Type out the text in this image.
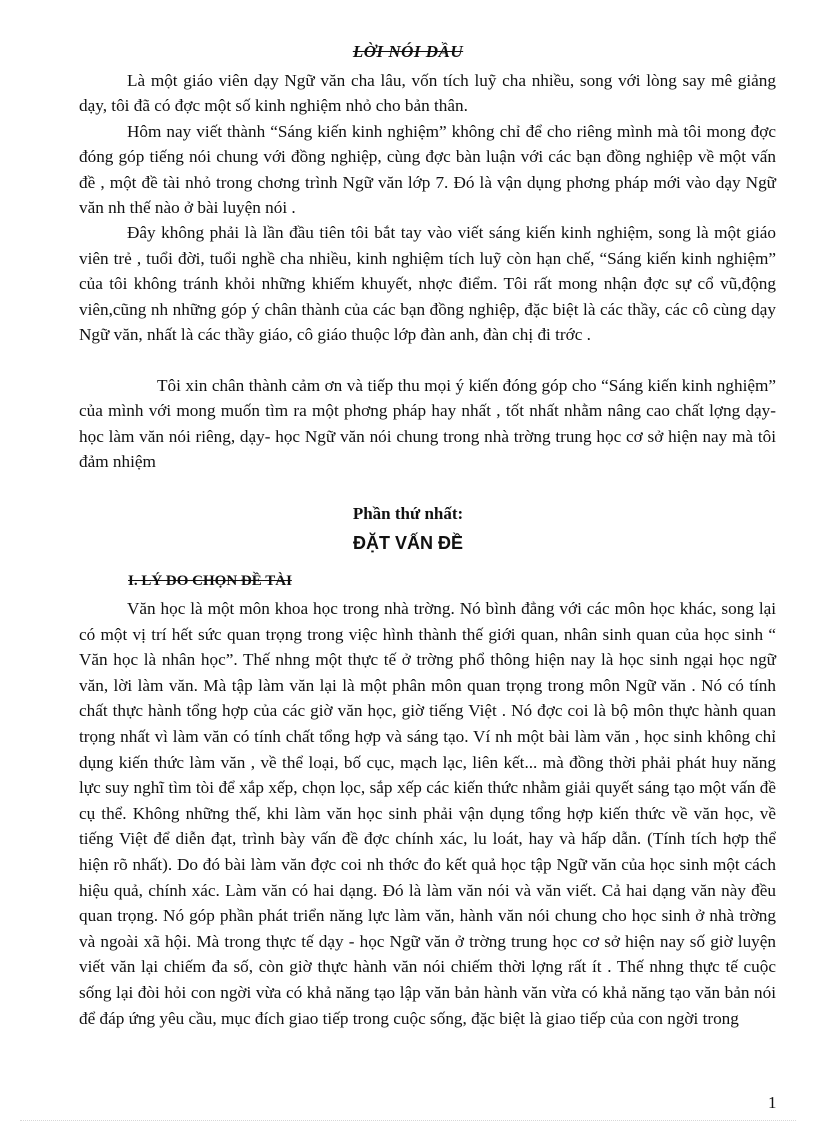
LỜI NÓI ĐẦU

Là một giáo viên dạy Ngữ văn cha lâu, vốn tích luỹ cha nhiều, song với lòng say mê giảng dạy, tôi đã có đợc một số kinh nghiệm nhỏ cho bản thân.

Hôm nay viết thành “Sáng kiến kinh nghiệm” không chỉ để cho riêng mình mà tôi mong đợc đóng góp tiếng nói chung với đồng nghiệp, cùng đợc bàn luận với các bạn đồng nghiệp về một vấn đề , một đề tài nhỏ trong chơng trình Ngữ văn lớp 7. Đó là vận dụng phơng pháp mới vào dạy Ngữ văn nh thế nào ở bài luyện nói .

Đây không phải là lần đầu tiên tôi bắt tay vào viết sáng kiến kinh nghiệm, song là một giáo viên trẻ , tuổi đời, tuổi nghề cha nhiều, kinh nghiệm tích luỹ còn hạn chế, “Sáng kiến kinh nghiệm” của tôi không tránh khỏi những khiếm khuyết, nhợc điểm. Tôi rất mong nhận đợc sự cổ vũ,động viên,cũng nh những góp ý chân thành của các bạn đồng nghiệp, đặc biệt là các thầy, các cô cùng dạy Ngữ văn, nhất là các thầy giáo, cô giáo thuộc lớp đàn anh, đàn chị đi trớc .

Tôi xin chân thành cảm ơn và tiếp thu mọi ý kiến đóng góp cho “Sáng kiến kinh nghiệm” của mình với mong muốn tìm ra một phơng pháp hay nhất , tốt nhất nhằm nâng cao chất lợng dạy- học làm văn nói riêng, dạy- học Ngữ văn nói chung trong nhà trờng trung học cơ sở hiện nay mà tôi đảm nhiệm

Phần thứ nhất:
ĐẶT VẤN ĐỀ
I. LÝ DO CHỌN ĐỀ TÀI

Văn học là một môn khoa học trong nhà trờng. Nó bình đẳng với các môn học khác, song lại có một vị trí hết sức quan trọng trong việc hình thành thế giới quan, nhân sinh quan của học sinh “ Văn học là nhân học”. Thế nhng một thực tế ở trờng phổ thông hiện nay là học sinh ngại học ngữ văn, lời làm văn. Mà tập làm văn lại là một phân môn quan trọng trong môn Ngữ văn . Nó có tính chất thực hành tổng hợp của các giờ văn học, giờ tiếng Việt . Nó đợc coi là bộ môn thực hành quan trọng nhất vì làm văn có tính chất tổng hợp và sáng tạo. Ví nh một bài làm văn , học sinh không chỉ dụng kiến thức làm văn , về thể loại, bố cục, mạch lạc, liên kết... mà đồng thời phải phát huy năng lực suy nghĩ tìm tòi để xắp xếp, chọn lọc, sắp xếp các kiến thức nhằm giải quyết sáng tạo một vấn đề cụ thể. Không những thế, khi làm văn học sinh phải vận dụng tổng hợp kiến thức về văn học, về tiếng Việt để diễn đạt, trình bày vấn đề đợc chính xác, lu loát, hay và hấp dẫn. (Tính tích hợp thể hiện rõ nhất). Do đó bài làm văn đợc coi nh thớc đo kết quả học tập Ngữ văn của học sinh một cách hiệu quả, chính xác. Làm văn có hai dạng. Đó là làm văn nói và văn viết. Cả hai dạng văn này đều quan trọng. Nó góp phần phát triển năng lực làm văn, hành văn nói chung cho học sinh ở nhà trờng và ngoài xã hội. Mà trong thực tế dạy - học Ngữ văn ở trờng trung học cơ sở hiện nay số giờ luyện viết văn lại chiếm đa số, còn giờ thực hành văn nói chiếm thời lợng rất ít . Thế nhng thực tế cuộc sống lại đòi hỏi con ngời vừa có khả năng tạo lập văn bản hành văn vừa có khả năng tạo văn bản nói để đáp ứng yêu cầu, mục đích giao tiếp trong cuộc sống, đặc biệt là giao tiếp của con ngời trong

1
